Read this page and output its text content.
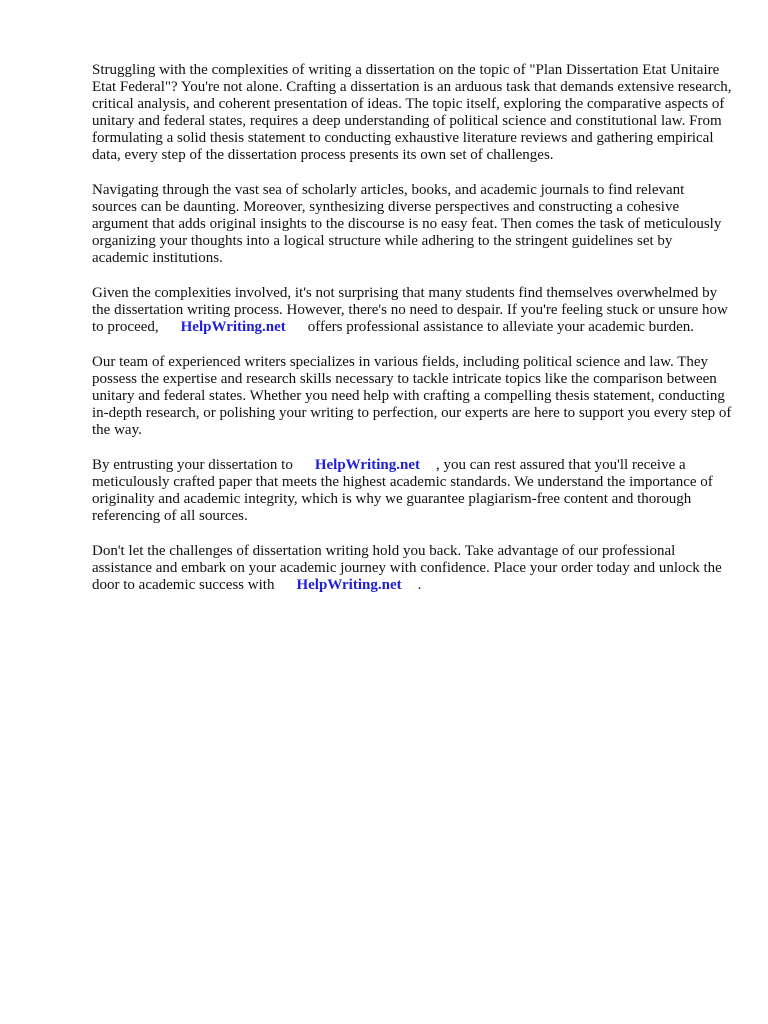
Struggling with the complexities of writing a dissertation on the topic of "Plan Dissertation Etat Unitaire Etat Federal"? You're not alone. Crafting a dissertation is an arduous task that demands extensive research, critical analysis, and coherent presentation of ideas. The topic itself, exploring the comparative aspects of unitary and federal states, requires a deep understanding of political science and constitutional law. From formulating a solid thesis statement to conducting exhaustive literature reviews and gathering empirical data, every step of the dissertation process presents its own set of challenges.

Navigating through the vast sea of scholarly articles, books, and academic journals to find relevant sources can be daunting. Moreover, synthesizing diverse perspectives and constructing a cohesive argument that adds original insights to the discourse is no easy feat. Then comes the task of meticulously organizing your thoughts into a logical structure while adhering to the stringent guidelines set by academic institutions.

Given the complexities involved, it's not surprising that many students find themselves overwhelmed by the dissertation writing process. However, there's no need to despair. If you're feeling stuck or unsure how to proceed, HelpWriting.net offers professional assistance to alleviate your academic burden.

Our team of experienced writers specializes in various fields, including political science and law. They possess the expertise and research skills necessary to tackle intricate topics like the comparison between unitary and federal states. Whether you need help with crafting a compelling thesis statement, conducting in-depth research, or polishing your writing to perfection, our experts are here to support you every step of the way.

By entrusting your dissertation to HelpWriting.net , you can rest assured that you'll receive a meticulously crafted paper that meets the highest academic standards. We understand the importance of originality and academic integrity, which is why we guarantee plagiarism-free content and thorough referencing of all sources.

Don't let the challenges of dissertation writing hold you back. Take advantage of our professional assistance and embark on your academic journey with confidence. Place your order today and unlock the door to academic success with HelpWriting.net .
